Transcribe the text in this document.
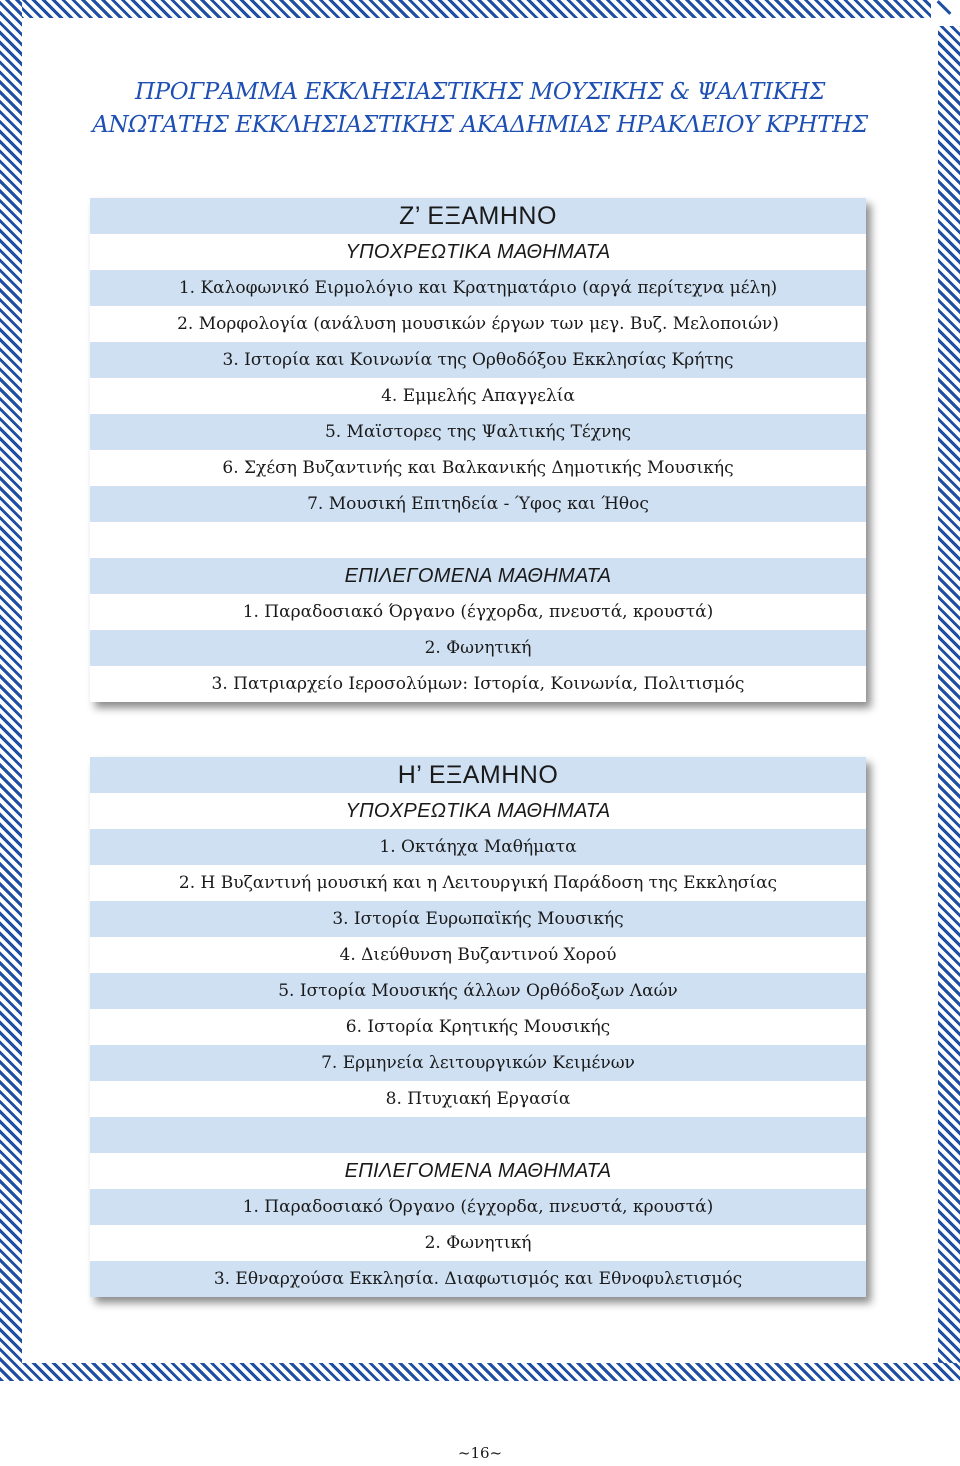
ΠΡΟΓΡΑΜΜΑ ΕΚΚΛΗΣΙΑΣΤΙΚΗΣ ΜΟΥΣΙΚΗΣ & ΨΑΛΤΙΚΗΣ
ΑΝΩΤΑΤΗΣ ΕΚΚΛΗΣΙΑΣΤΙΚΗΣ ΑΚΑΔΗΜΙΑΣ ΗΡΑΚΛΕΙΟΥ ΚΡΗΤΗΣ
Ζ’ ΕΞΑΜΗΝΟ
ΥΠΟΧΡΕΩΤΙΚΑ ΜΑΘΗΜΑΤΑ
1. Καλοφωνικό Ειρμολόγιο και Κρατηματάριο (αργά περίτεχνα μέλη)
2. Μορφολογία (ανάλυση μουσικών έργων των μεγ. Βυζ. Μελοποιών)
3. Ιστορία και Κοινωνία της Ορθοδόξου Εκκλησίας Κρήτης
4. Εμμελής Απαγγελία
5. Μαϊστορες της Ψαλτικής Τέχνης
6. Σχέση Βυζαντινής και Βαλκανικής Δημοτικής Μουσικής
7. Μουσική Επιτηδεία - Ύφος και Ήθος
ΕΠΙΛΕΓΟΜΕΝΑ ΜΑΘΗΜΑΤΑ
1. Παραδοσιακό Όργανο (έγχορδα, πνευστά, κρουστά)
2. Φωνητική
3. Πατριαρχείο Ιεροσολύμων: Ιστορία, Κοινωνία, Πολιτισμός
Η’ ΕΞΑΜΗΝΟ
ΥΠΟΧΡΕΩΤΙΚΑ ΜΑΘΗΜΑΤΑ
1. Οκτάηχα Μαθήματα
2. Η Βυζαντινή μουσική και η Λειτουργική Παράδοση της Εκκλησίας
3. Ιστορία Ευρωπαϊκής Μουσικής
4. Διεύθυνση Βυζαντινού Χορού
5. Ιστορία Μουσικής άλλων Ορθόδοξων Λαών
6. Ιστορία Κρητικής Μουσικής
7. Ερμηνεία λειτουργικών Κειμένων
8. Πτυχιακή Εργασία
ΕΠΙΛΕΓΟΜΕΝΑ ΜΑΘΗΜΑΤΑ
1. Παραδοσιακό Όργανο (έγχορδα, πνευστά, κρουστά)
2. Φωνητική
3. Εθναρχούσα Εκκλησία. Διαφωτισμός και Εθνοφυλετισμός
~16~
